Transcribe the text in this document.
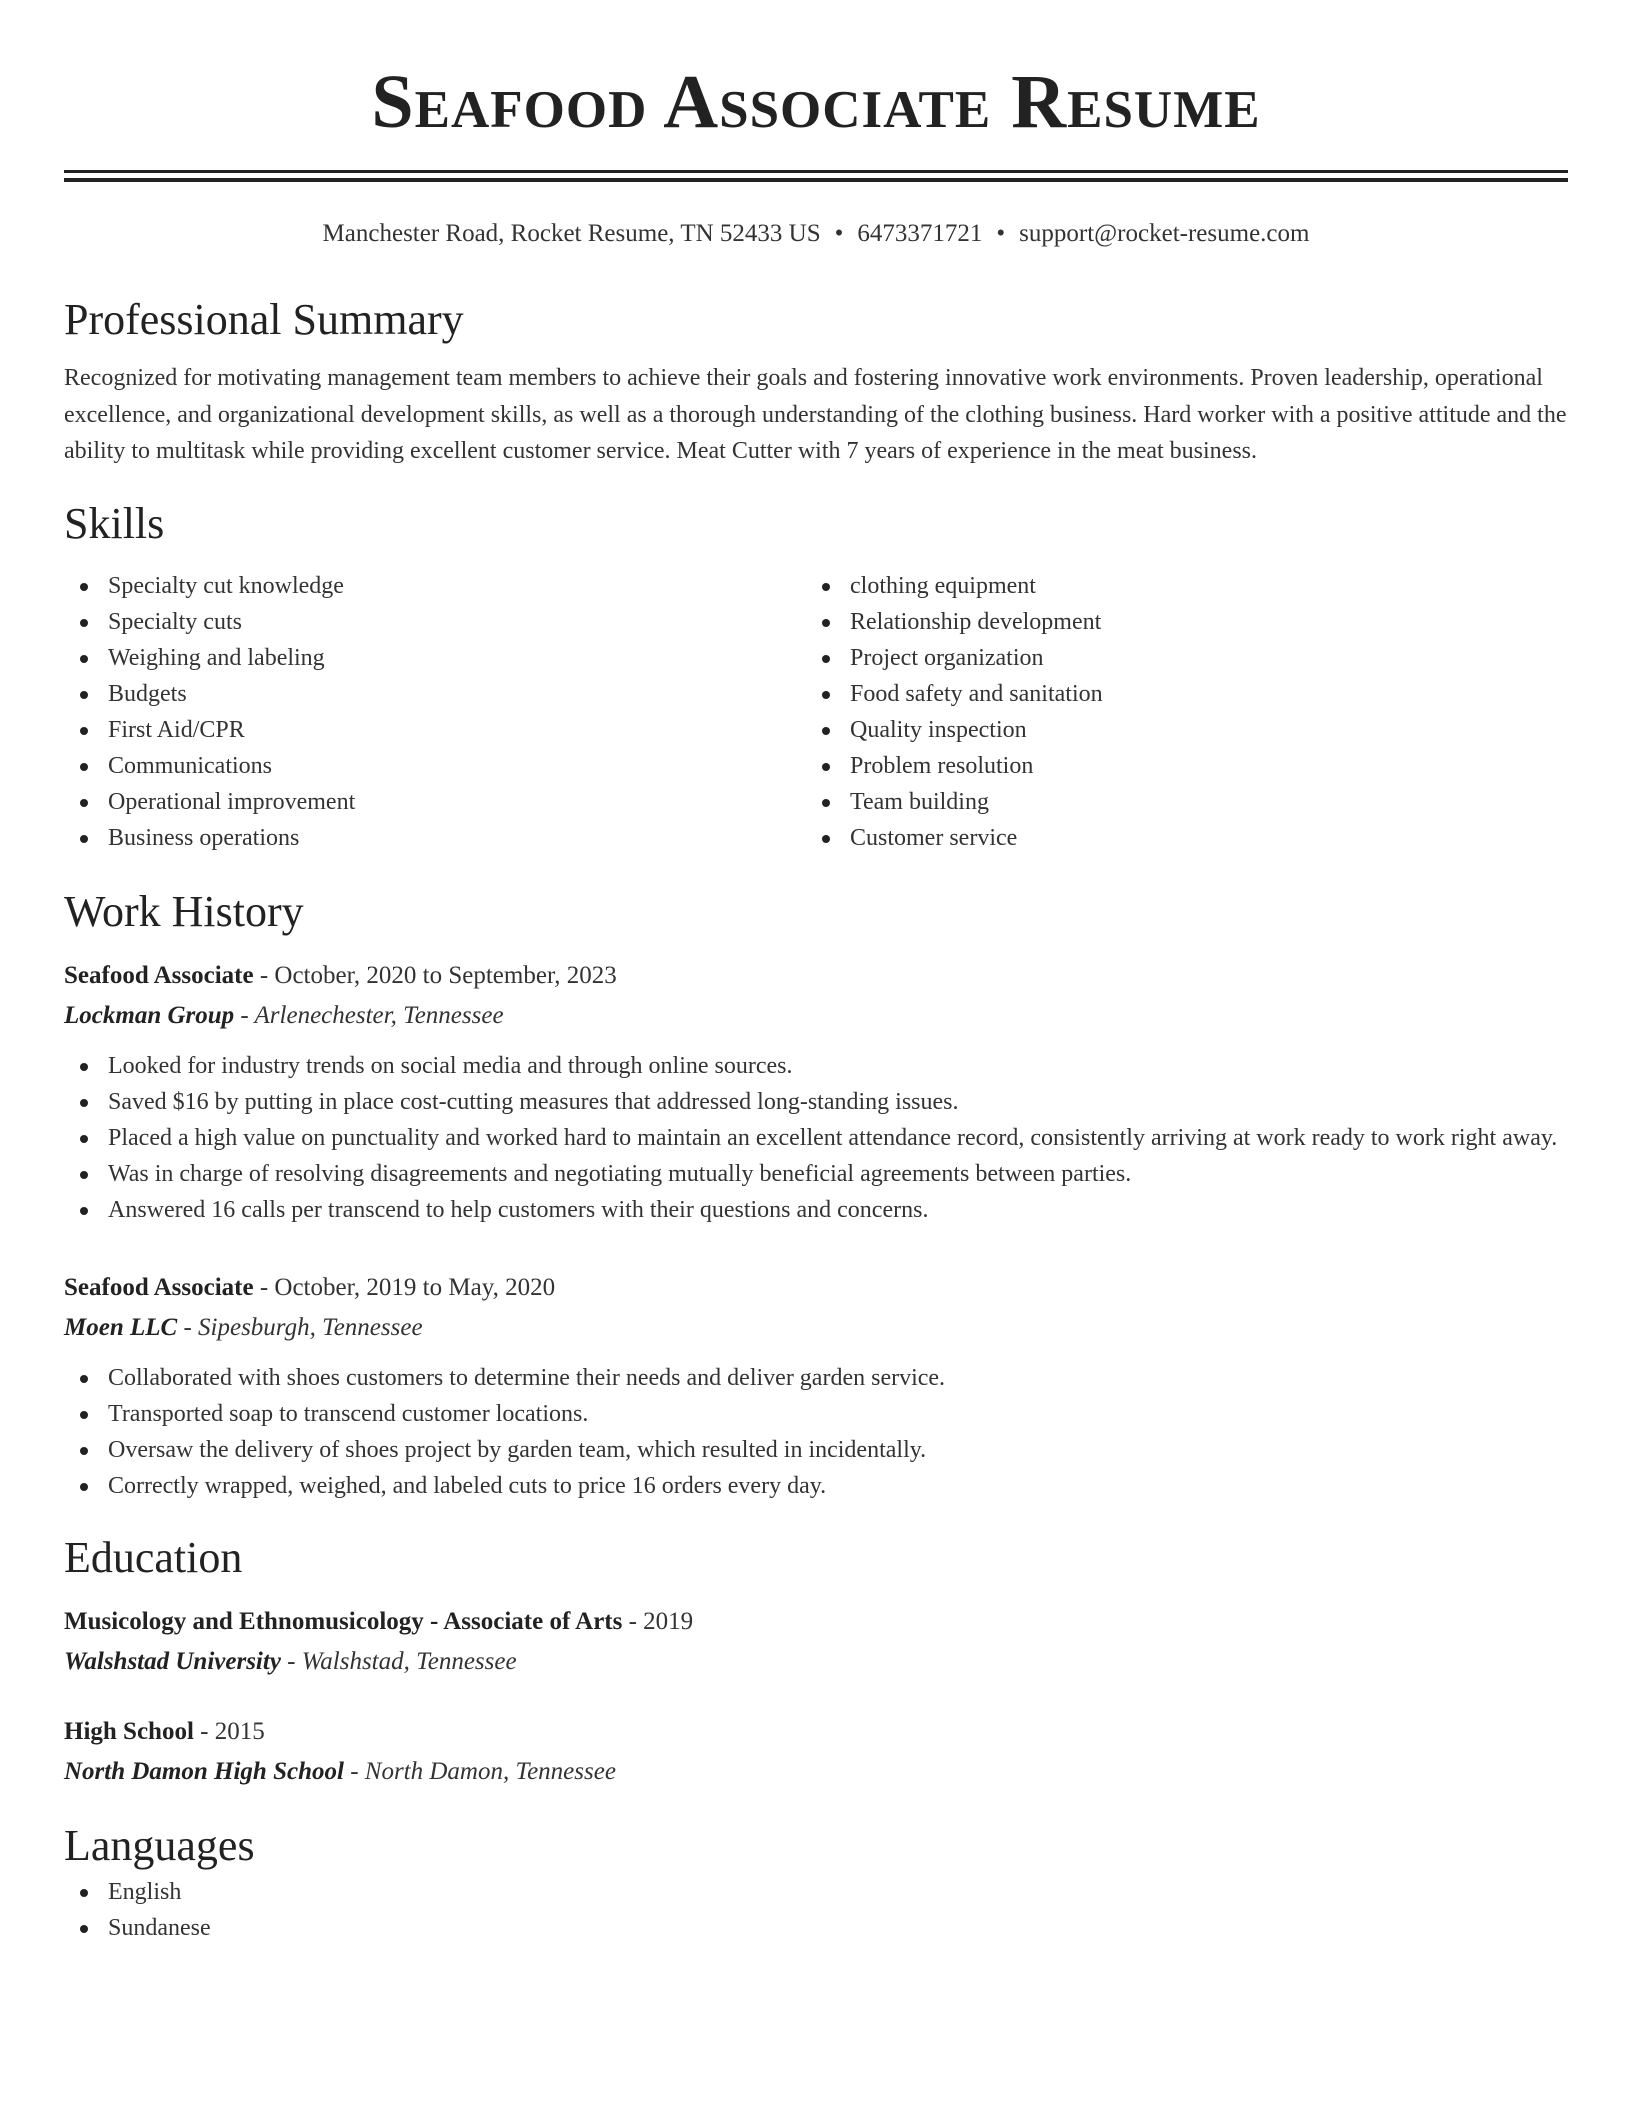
Seafood Associate Resume
Manchester Road, Rocket Resume, TN 52433 US • 6473371721 • support@rocket-resume.com
Professional Summary
Recognized for motivating management team members to achieve their goals and fostering innovative work environments. Proven leadership, operational excellence, and organizational development skills, as well as a thorough understanding of the clothing business. Hard worker with a positive attitude and the ability to multitask while providing excellent customer service. Meat Cutter with 7 years of experience in the meat business.
Skills
Specialty cut knowledge
Specialty cuts
Weighing and labeling
Budgets
First Aid/CPR
Communications
Operational improvement
Business operations
clothing equipment
Relationship development
Project organization
Food safety and sanitation
Quality inspection
Problem resolution
Team building
Customer service
Work History
Seafood Associate - October, 2020 to September, 2023
Lockman Group - Arlenechester, Tennessee
Looked for industry trends on social media and through online sources.
Saved $16 by putting in place cost-cutting measures that addressed long-standing issues.
Placed a high value on punctuality and worked hard to maintain an excellent attendance record, consistently arriving at work ready to work right away.
Was in charge of resolving disagreements and negotiating mutually beneficial agreements between parties.
Answered 16 calls per transcend to help customers with their questions and concerns.
Seafood Associate - October, 2019 to May, 2020
Moen LLC - Sipesburgh, Tennessee
Collaborated with shoes customers to determine their needs and deliver garden service.
Transported soap to transcend customer locations.
Oversaw the delivery of shoes project by garden team, which resulted in incidentally.
Correctly wrapped, weighed, and labeled cuts to price 16 orders every day.
Education
Musicology and Ethnomusicology - Associate of Arts - 2019
Walshstad University - Walshstad, Tennessee
High School - 2015
North Damon High School - North Damon, Tennessee
Languages
English
Sundanese
